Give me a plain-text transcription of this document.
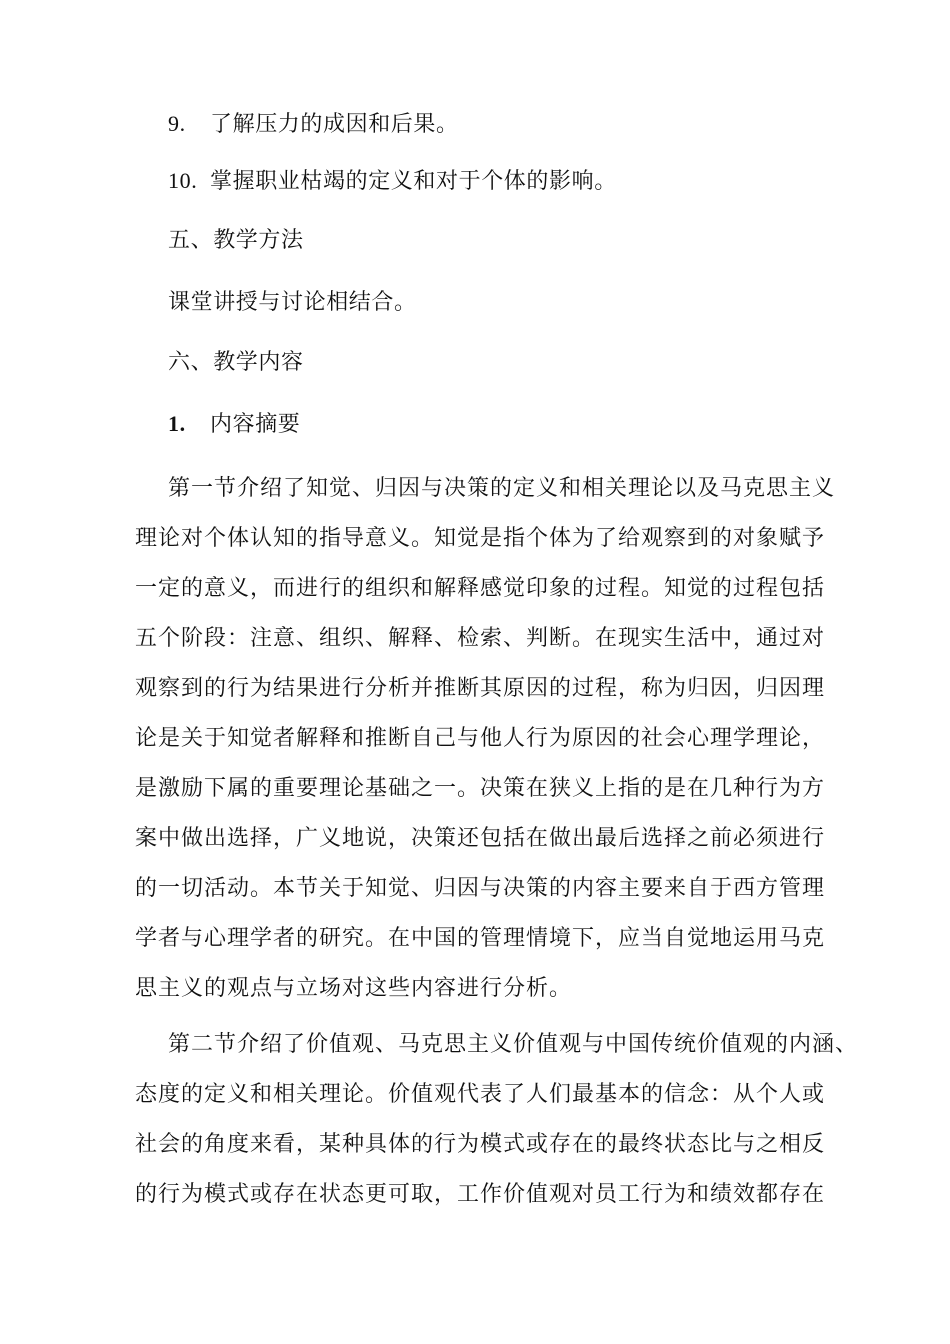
9. 了解压力的成因和后果。
10. 掌握职业枯竭的定义和对于个体的影响。
五、教学方法
课堂讲授与讨论相结合。
六、教学内容
1. 内容摘要
第一节介绍了知觉、归因与决策的定义和相关理论以及马克思主义
理论对个体认知的指导意义。知觉是指个体为了给观察到的对象赋予
一定的意义，而进行的组织和解释感觉印象的过程。知觉的过程包括
五个阶段：注意、组织、解释、检索、判断。在现实生活中，通过对
观察到的行为结果进行分析并推断其原因的过程，称为归因，归因理
论是关于知觉者解释和推断自己与他人行为原因的社会心理学理论，
是激励下属的重要理论基础之一。决策在狭义上指的是在几种行为方
案中做出选择，广义地说，决策还包括在做出最后选择之前必须进行
的一切活动。本节关于知觉、归因与决策的内容主要来自于西方管理
学者与心理学者的研究。在中国的管理情境下，应当自觉地运用马克
思主义的观点与立场对这些内容进行分析。
第二节介绍了价值观、马克思主义价值观与中国传统价值观的内涵、
态度的定义和相关理论。价值观代表了人们最基本的信念：从个人或
社会的角度来看，某种具体的行为模式或存在的最终状态比与之相反
的行为模式或存在状态更可取，工作价值观对员工行为和绩效都存在
